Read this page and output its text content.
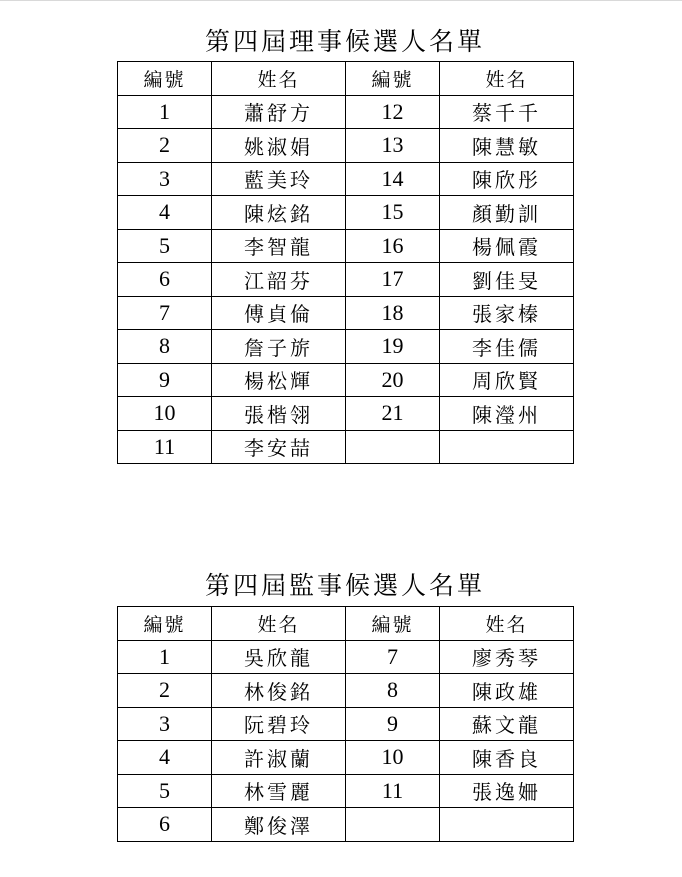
第四屆理事候選人名單
編號	姓名	編號	姓名
1	蕭舒方	12	蔡千千
2	姚淑娟	13	陳慧敏
3	藍美玲	14	陳欣彤
4	陳炫銘	15	顏勤訓
5	李智龍	16	楊佩霞
6	江韶芬	17	劉佳旻
7	傅貞倫	18	張家榛
8	詹子旂	19	李佳儒
9	楊松輝	20	周欣賢
10	張楷翎	21	陳瀅州
11	李安喆		
第四屆監事候選人名單
編號	姓名	編號	姓名
1	吳欣龍	7	廖秀琴
2	林俊銘	8	陳政雄
3	阮碧玲	9	蘇文龍
4	許淑蘭	10	陳香良
5	林雪麗	11	張逸姍
6	鄭俊澤		
